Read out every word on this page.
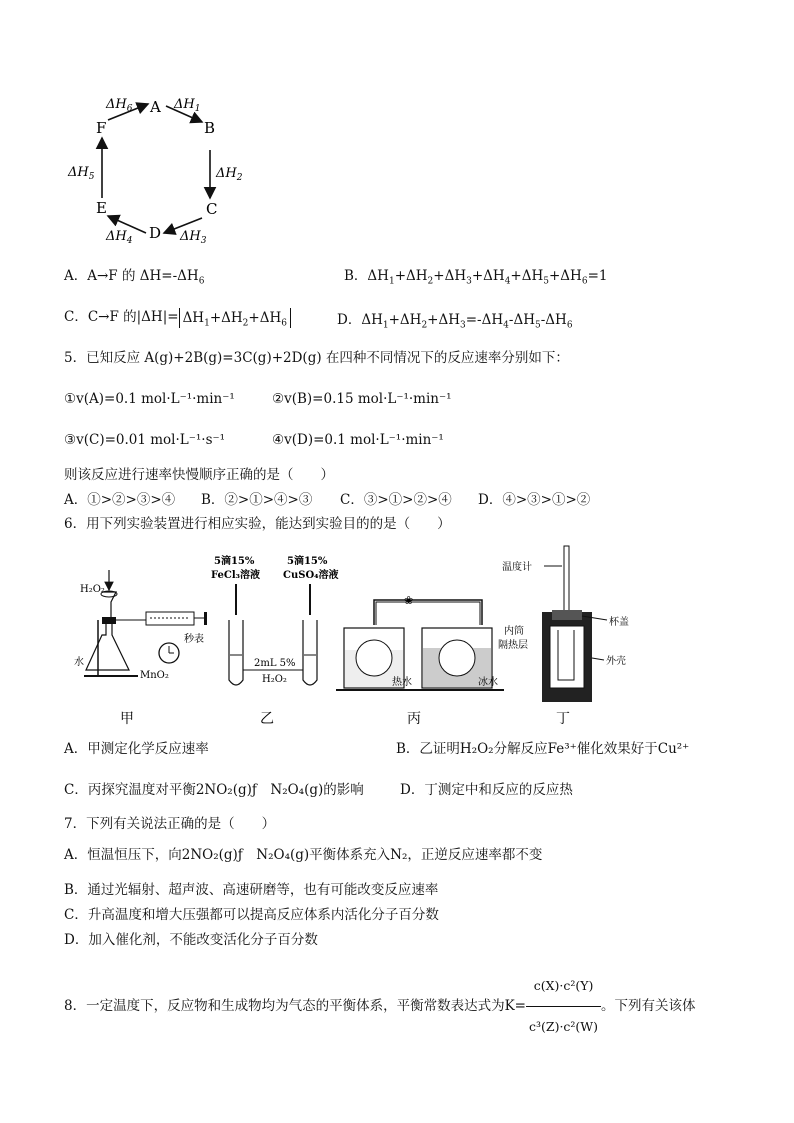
A
B
C
D
E
F
$\Delta H_6$	$\Delta H_1$
$\Delta H_2$
$\Delta H_3$
$\Delta H_4$
$\Delta H_5$
A．A→F 的 $\Delta H=-\Delta H_6$	B．$\Delta H_1+\Delta H_2+\Delta H_3+\Delta H_4+\Delta H_5+\Delta H_6=1$
C．C→F 的$|\Delta H|= \Delta H_1+\Delta H_2+\Delta H_6$	D．$\Delta H_1+\Delta H_2+\Delta H_3=-\Delta H_4-\Delta H_5-\Delta H_6$
5．已知反应 A(g)+2B(g)=3C(g)+2D(g) 在四种不同情况下的反应速率分别如下：
①v(A)=0.1 mol·L⁻¹·min⁻¹	②v(B)=0.15 mol·L⁻¹·min⁻¹
③v(C)=0.01 mol·L⁻¹·s⁻¹	④v(D)=0.1 mol·L⁻¹·min⁻¹
则该反应进行速率快慢顺序正确的是（　　）
A．①>②>③>④ B．②>①>④>③ C．③>①>②>④ D．④>③>①>②
6．用下列实验装置进行相应实验，能达到实验目的的是（　　）
H₂O₂
秒表
水
MnO₂
5滴15%
FeCl₃溶液
5滴15%
CuSO₄溶液
2mL 5%
H₂O₂
❀
热水	冰水
温度计
杯盖
内筒
隔热层
外壳
甲	乙	丙	丁
A．甲测定化学反应速率	B．乙证明H₂O₂分解反应Fe³⁺催化效果好于Cu²⁺
C．丙探究温度对平衡2NO₂(g)ƒ　N₂O₄(g)的影响	D．丁测定中和反应的反应热
7．下列有关说法正确的是（　　）
A．恒温恒压下，向2NO₂(g)ƒ　N₂O₄(g)平衡体系充入N₂，正逆反应速率都不变
B．通过光辐射、超声波、高速研磨等，也有可能改变反应速率
C．升高温度和增大压强都可以提高反应体系内活化分子百分数
D．加入催化剂，不能改变活化分子百分数
8．一定温度下，反应物和生成物均为气态的平衡体系，平衡常数表达式为$K= \frac{\text{c(X)·c²(Y)}}{\text{c³(Z)·c²(W)}}$ 。下列有关该体
